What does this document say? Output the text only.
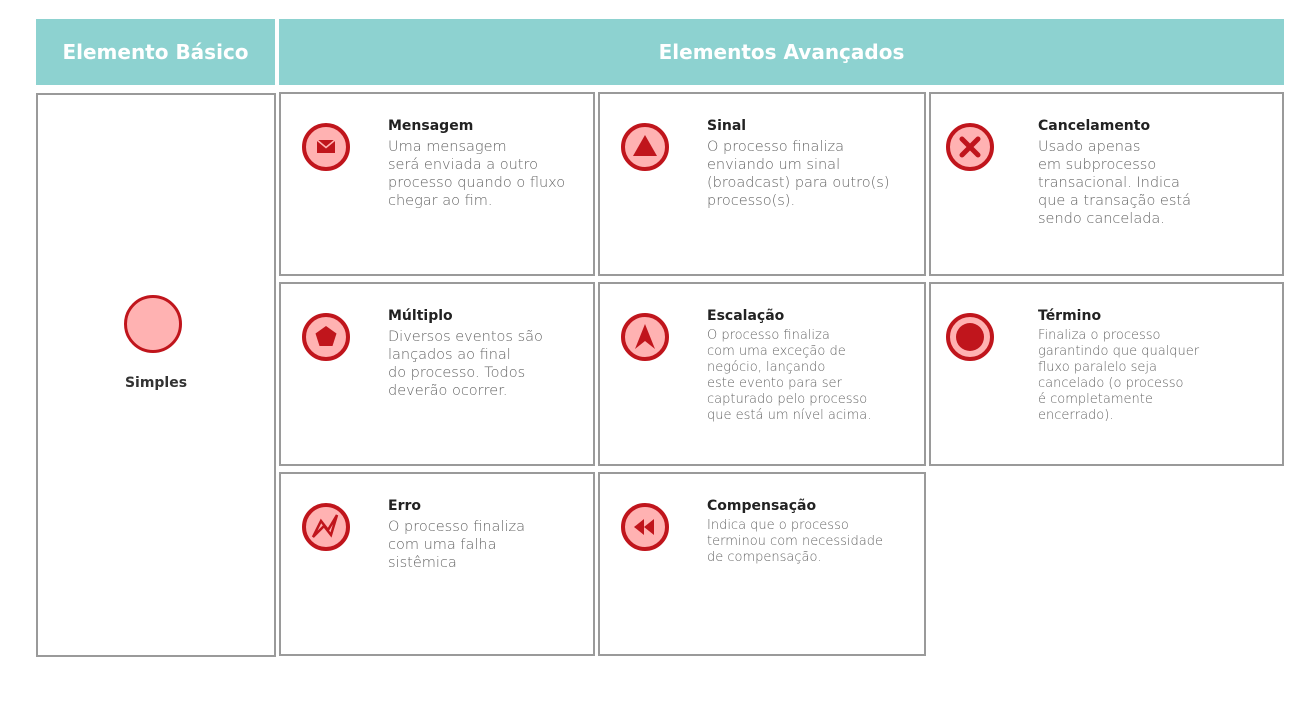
Elemento Básico	Elementos Avançados
Simples
Mensagem
Uma mensagem
será enviada a outro
processo quando o fluxo
chegar ao fim.
Sinal
O processo finaliza
enviando um sinal
(broadcast) para outro(s)
processo(s).
Cancelamento
Usado apenas
em subprocesso
transacional. Indica
que a transação está
sendo cancelada.
Múltiplo
Diversos eventos são
lançados ao final
do processo. Todos
deverão ocorrer.
Escalação
O processo finaliza
com uma exceção de
negócio, lançando
este evento para ser
capturado pelo processo
que está um nível acima.
Término
Finaliza o processo
garantindo que qualquer
fluxo paralelo seja
cancelado (o processo
é completamente
encerrado).
Erro
O processo finaliza
com uma falha
sistêmica
Compensação
Indica que o processo
terminou com necessidade
de compensação.
